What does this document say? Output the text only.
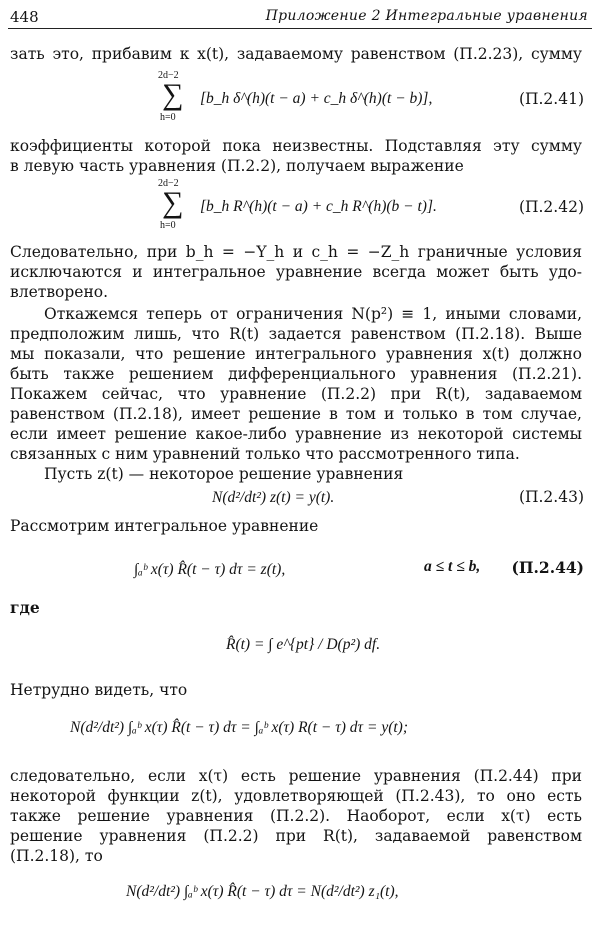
448	Приложение 2 Интегральные уравнения
зать это, прибавим к x(t), задаваемому равенством (П.2.23), сумму
2d−2
∑
h=0
[b_h δ^(h)(t − a) + c_h δ^(h)(t − b)],	(П.2.41)
коэффициенты которой пока неизвестны. Подставляя эту сумму
в левую часть уравнения (П.2.2), получаем выражение
2d−2
∑
h=0
[b_h R^(h)(t − a) + c_h R^(h)(b − t)].	(П.2.42)
Следовательно, при b_h = −Y_h и c_h = −Z_h граничные условия
исключаются и интегральное уравнение всегда может быть удо-
влетворено.
Откажемся теперь от ограничения N(p²) ≡ 1, иными словами,
предположим лишь, что R(t) задается равенством (П.2.18). Выше
мы показали, что решение интегрального уравнения x(t) должно
быть также решением дифференциального уравнения (П.2.21).
Покажем сейчас, что уравнение (П.2.2) при R(t), задаваемом
равенством (П.2.18), имеет решение в том и только в том случае,
если имеет решение какое-либо уравнение из некоторой системы
связанных с ним уравнений только что рассмотренного типа.
Пусть z(t) — некоторое решение уравнения
N(d²/dt²) z(t) = y(t).	(П.2.43)
Рассмотрим интегральное уравнение
∫ₐᵇ x(τ) R̂(t − τ) dτ = z(t),	a ≤ t ≤ b, (П.2.44)
где
R̂(t) = ∫ e^{pt} / D(p²) df.
Нетрудно видеть, что
N(d²/dt²) ∫ₐᵇ x(τ) R̂(t − τ) dτ = ∫ₐᵇ x(τ) R(t − τ) dτ = y(t);
следовательно, если x(τ) есть решение уравнения (П.2.44) при
некоторой функции z(t), удовлетворяющей (П.2.43), то оно есть
также решение уравнения (П.2.2). Наоборот, если x(τ) есть
решение уравнения (П.2.2) при R(t), задаваемой равенством
(П.2.18), то
N(d²/dt²) ∫ₐᵇ x(τ) R̂(t − τ) dτ = N(d²/dt²) z₁(t),
